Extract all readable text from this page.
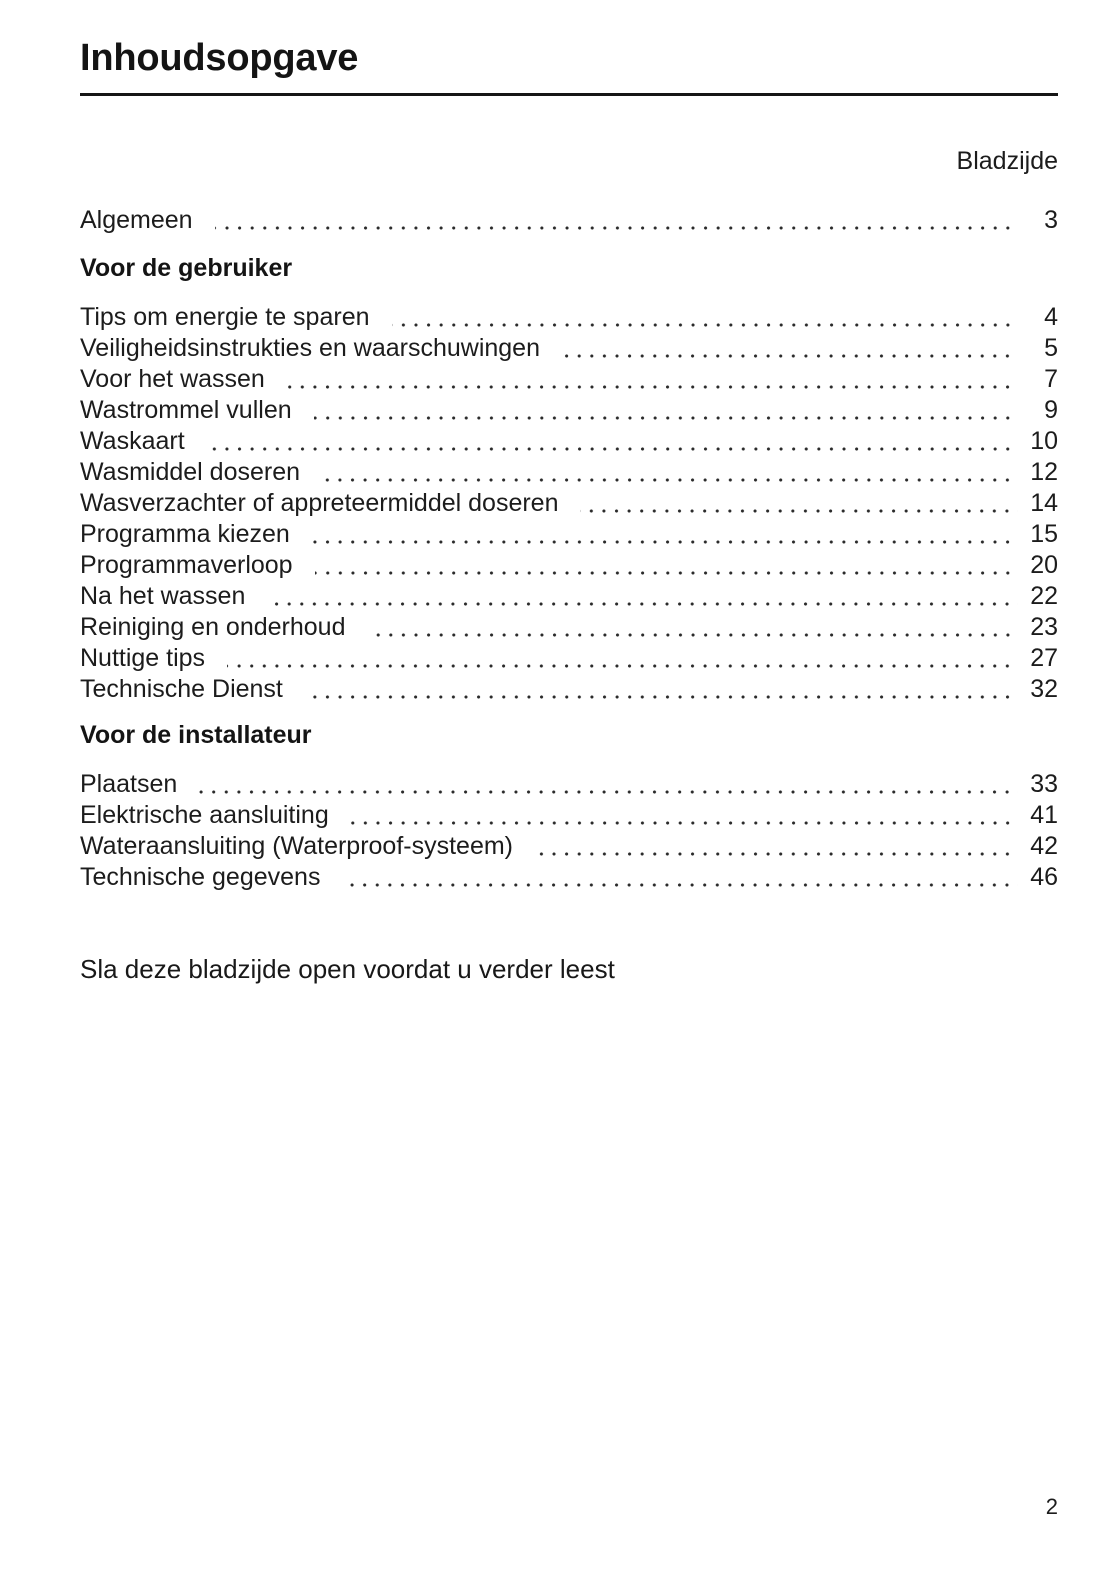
Inhoudsopgave
Bladzijde
Algemeen	3
Voor de gebruiker
Tips om energie te sparen	4
Veiligheidsinstrukties en waarschuwingen	5
Voor het wassen	7
Wastrommel vullen	9
Waskaart	10
Wasmiddel doseren	12
Wasverzachter of appreteermiddel doseren	14
Programma kiezen	15
Programmaverloop	20
Na het wassen	22
Reiniging en onderhoud	23
Nuttige tips	27
Technische Dienst	32
Voor de installateur
Plaatsen	33
Elektrische aansluiting	41
Wateraansluiting (Waterproof-systeem)	42
Technische gegevens	46
Sla deze bladzijde open voordat u verder leest
2
